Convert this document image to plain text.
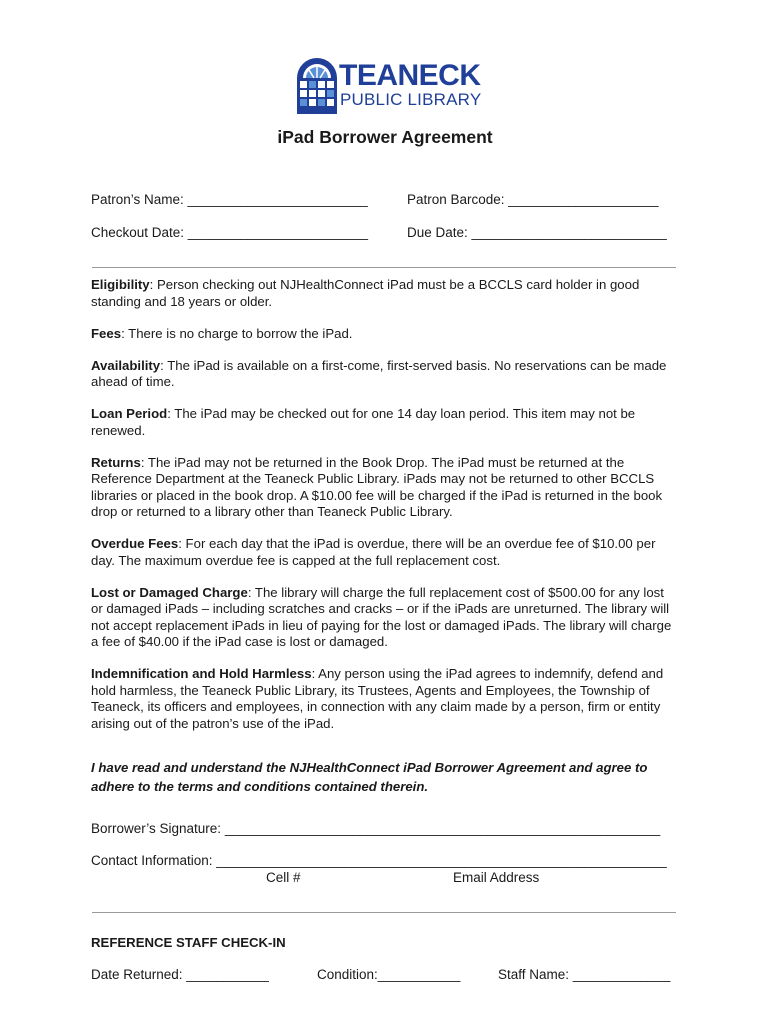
TEANECK
PUBLIC LIBRARY
iPad Borrower Agreement
Patron’s Name: ________________________	Patron Barcode: ____________________
Checkout Date: ________________________	Due Date: __________________________

Eligibility: Person checking out NJHealthConnect iPad must be a BCCLS card holder in good standing and 18 years or older.

Fees: There is no charge to borrow the iPad.

Availability: The iPad is available on a first-come, first-served basis. No reservations can be made ahead of time.

Loan Period: The iPad may be checked out for one 14 day loan period. This item may not be renewed.

Returns: The iPad may not be returned in the Book Drop. The iPad must be returned at the Reference Department at the Teaneck Public Library. iPads may not be returned to other BCCLS libraries or placed in the book drop. A $10.00 fee will be charged if the iPad is returned in the book drop or returned to a library other than Teaneck Public Library.

Overdue Fees: For each day that the iPad is overdue, there will be an overdue fee of $10.00 per day. The maximum overdue fee is capped at the full replacement cost.

Lost or Damaged Charge: The library will charge the full replacement cost of $500.00 for any lost or damaged iPads – including scratches and cracks – or if the iPads are unreturned. The library will not accept replacement iPads in lieu of paying for the lost or damaged iPads. The library will charge a fee of $40.00 if the iPad case is lost or damaged.

Indemnification and Hold Harmless: Any person using the iPad agrees to indemnify, defend and hold harmless, the Teaneck Public Library, its Trustees, Agents and Employees, the Township of Teaneck, its officers and employees, in connection with any claim made by a person, firm or entity arising out of the patron’s use of the iPad.

I have read and understand the NJHealthConnect iPad Borrower Agreement and agree to adhere to the terms and conditions contained therein.
Borrower’s Signature: __________________________________________________________
Contact Information: ____________________________________________________________
Cell #	Email Address
REFERENCE STAFF CHECK-IN
Date Returned: ___________	Condition:___________	Staff Name: _____________
